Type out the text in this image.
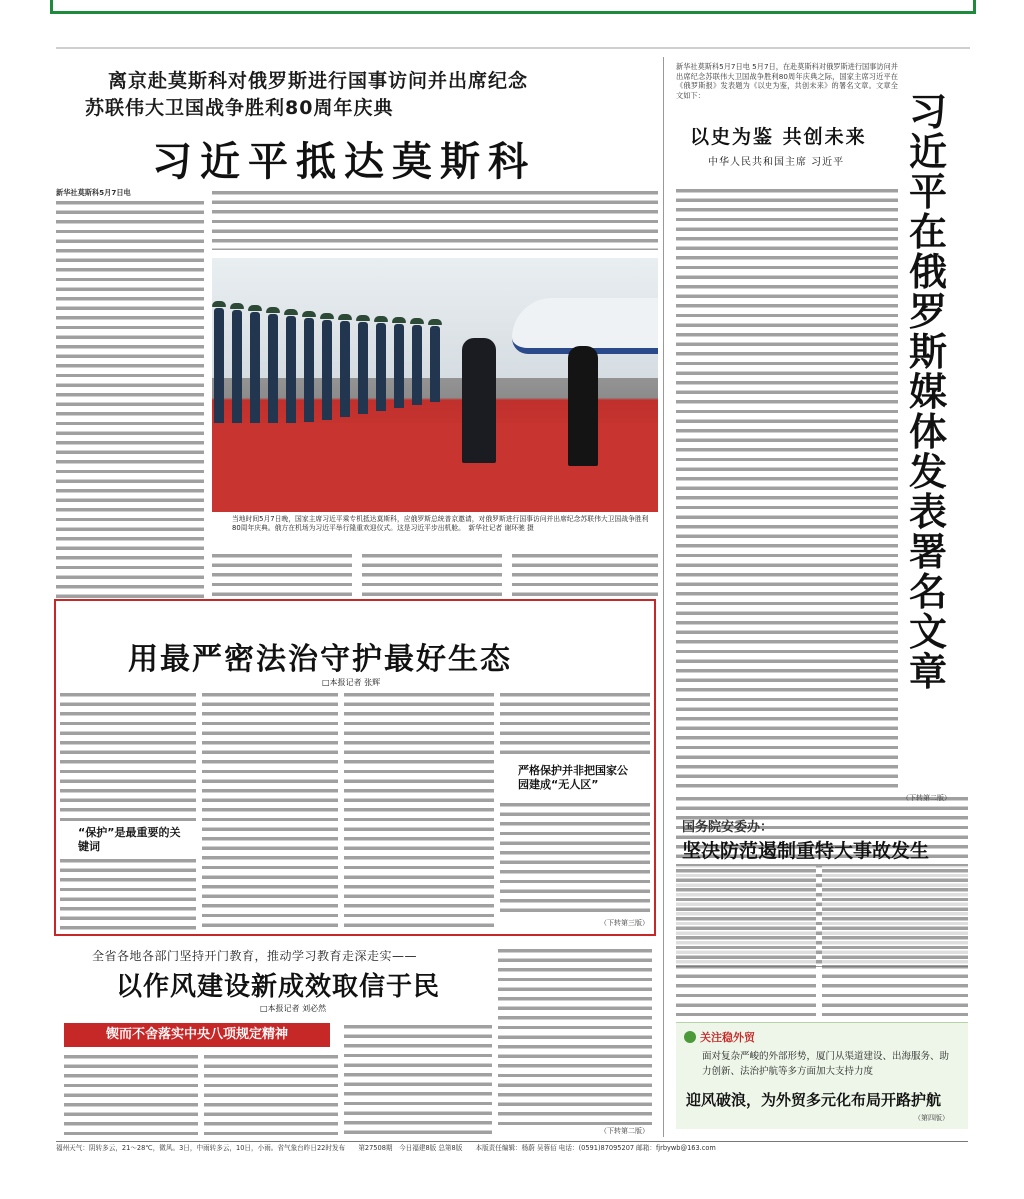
离京赴莫斯科对俄罗斯进行国事访问并出席纪念
苏联伟大卫国战争胜利80周年庆典
习近平抵达莫斯科
新华社莫斯科5月7日电
当地时间5月7日晚，国家主席习近平乘专机抵达莫斯科，应俄罗斯总统普京邀请，对俄罗斯进行国事访问并出席纪念苏联伟大卫国战争胜利80周年庆典。俄方在机场为习近平举行隆重欢迎仪式。这是习近平步出机舱。　新华社记者 谢环驰 摄
新华社莫斯科5月7日电 5月7日，在赴莫斯科对俄罗斯进行国事访问并出席纪念苏联伟大卫国战争胜利80周年庆典之际，国家主席习近平在《俄罗斯报》发表题为《以史为鉴，共创未来》的署名文章。文章全文如下：
以史为鉴 共创未来
中华人民共和国主席 习近平
（下转第二版）
习近平在俄罗斯媒体发表署名文章
用最严密法治守护最好生态
□本报记者 张辉
“保护”是最重要的关键词
严格保护并非把国家公园建成“无人区”
（下转第三版）
国务院安委办：
坚决防范遏制重特大事故发生
全省各地各部门坚持开门教育，推动学习教育走深走实——
以作风建设新成效取信于民
□本报记者 刘必然
锲而不舍落实中央八项规定精神
（下转第二版）
关注稳外贸
面对复杂严峻的外部形势，厦门从渠道建设、出海服务、助力创新、法治护航等多方面加大支持力度
迎风破浪，为外贸多元化布局开路护航
（第四版）
福州天气：阴转多云，21～28℃，微风。3日，中雨转多云，10日，小雨。省气象台昨日22时发布　　第27508期　今日福建8版 总第8版　　本版责任编辑：杨蔚 吴蓉佰 电话：(0591)87095207 邮箱：fjrbywb@163.com
